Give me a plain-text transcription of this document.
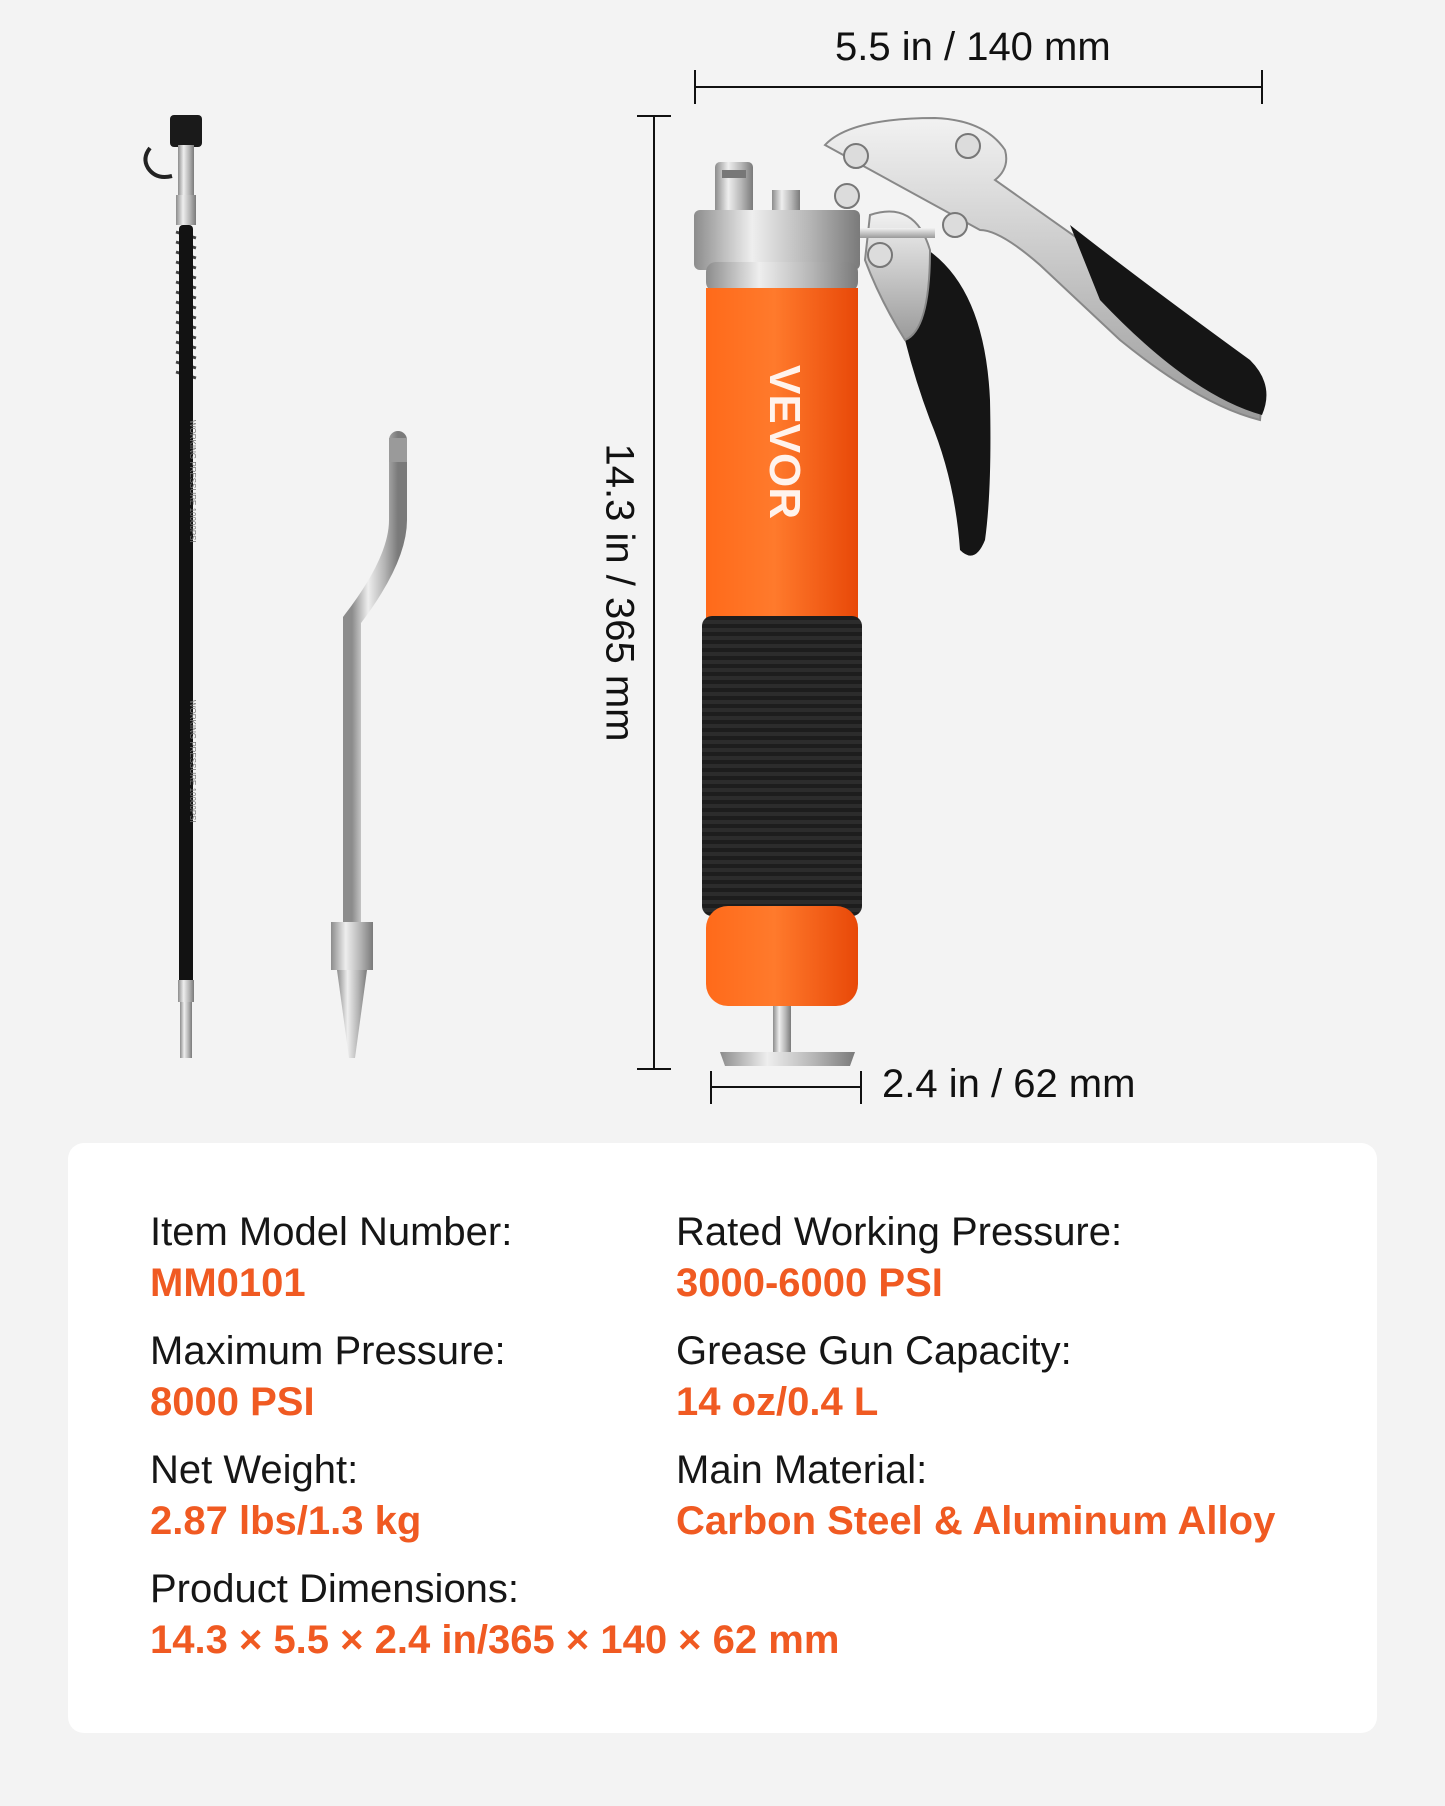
WORKING PRESSURE 10000PSI
WORKING PRESSURE 10000PSI
VEVOR
5.5 in / 140 mm
14.3 in / 365 mm
2.4 in / 62 mm
Item Model Number:
MM0101
Rated Working Pressure:
3000-6000 PSI
Maximum Pressure:
8000 PSI
Grease Gun Capacity:
14 oz/0.4 L
Net Weight:
2.87 lbs/1.3 kg
Main Material:
Carbon Steel & Aluminum Alloy
Product Dimensions:
14.3 × 5.5 × 2.4 in/365 × 140 × 62 mm
